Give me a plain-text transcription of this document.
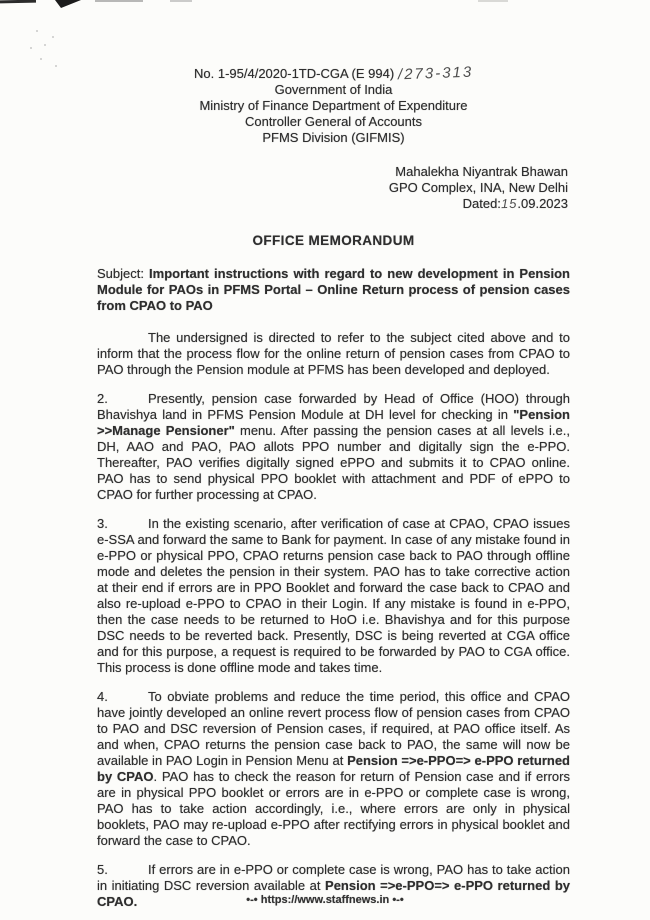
No. 1-95/4/2020-1TD-CGA (E 994) /273-313
Government of India
Ministry of Finance Department of Expenditure
Controller General of Accounts
PFMS Division (GIFMIS)
Mahalekha Niyantrak Bhawan
GPO Complex, INA, New Delhi
Dated:15.09.2023
OFFICE MEMORANDUM
Subject: Important instructions with regard to new development in Pension Module for PAOs in PFMS Portal – Online Return process of pension cases from CPAO to PAO
The undersigned is directed to refer to the subject cited above and to inform that the process flow for the online return of pension cases from CPAO to PAO through the Pension module at PFMS has been developed and deployed.
2.	Presently, pension case forwarded by Head of Office (HOO) through Bhavishya land in PFMS Pension Module at DH level for checking in "Pension >>Manage Pensioner" menu. After passing the pension cases at all levels i.e., DH, AAO and PAO, PAO allots PPO number and digitally sign the e-PPO. Thereafter, PAO verifies digitally signed ePPO and submits it to CPAO online. PAO has to send physical PPO booklet with attachment and PDF of ePPO to CPAO for further processing at CPAO.
3.	In the existing scenario, after verification of case at CPAO, CPAO issues e-SSA and forward the same to Bank for payment. In case of any mistake found in e-PPO or physical PPO, CPAO returns pension case back to PAO through offline mode and deletes the pension in their system. PAO has to take corrective action at their end if errors are in PPO Booklet and forward the case back to CPAO and also re-upload e-PPO to CPAO in their Login. If any mistake is found in e-PPO, then the case needs to be returned to HoO i.e. Bhavishya and for this purpose DSC needs to be reverted back. Presently, DSC is being reverted at CGA office and for this purpose, a request is required to be forwarded by PAO to CGA office. This process is done offline mode and takes time.
4.	To obviate problems and reduce the time period, this office and CPAO have jointly developed an online revert process flow of pension cases from CPAO to PAO and DSC reversion of Pension cases, if required, at PAO office itself. As and when, CPAO returns the pension case back to PAO, the same will now be available in PAO Login in Pension Menu at Pension =>e-PPO=> e-PPO returned by CPAO. PAO has to check the reason for return of Pension case and if errors are in physical PPO booklet or errors are in e-PPO or complete case is wrong, PAO has to take action accordingly, i.e., where errors are only in physical booklets, PAO may re-upload e-PPO after rectifying errors in physical booklet and forward the case to CPAO.
5.	If errors are in e-PPO or complete case is wrong, PAO has to take action in initiating DSC reversion available at Pension =>e-PPO=> e-PPO returned by CPAO.	•-• https://www.staffnews.in •-•
